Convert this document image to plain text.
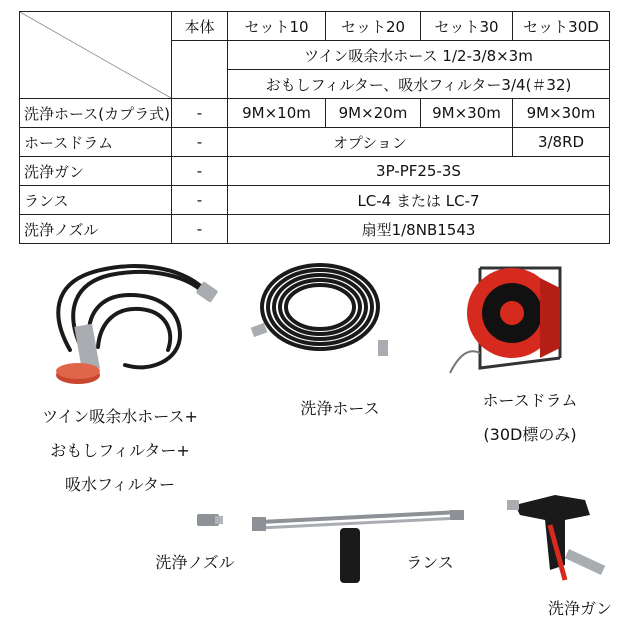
	本体	セット10	セット20	セット30	セット30D
		ツイン吸余水ホース 1/2-3/8×3m			
		おもしフィルター、吸水フィルター3/4(＃32)			
洗浄ホース(カプラ式)	-	9M×10m	9M×20m	9M×30m	9M×30m
ホースドラム	-	オプション			3/8RD
洗浄ガン	-	3P-PF25-3S			
ランス	-	LC-4 または LC-7			
洗浄ノズル	-	扇型1/8NB1543			
ツイン吸余水ホース+
おもしフィルター+
吸水フィルター
洗浄ホース	ホースドラム
(30D標のみ)
洗浄ノズル	ランス
洗浄ガン
